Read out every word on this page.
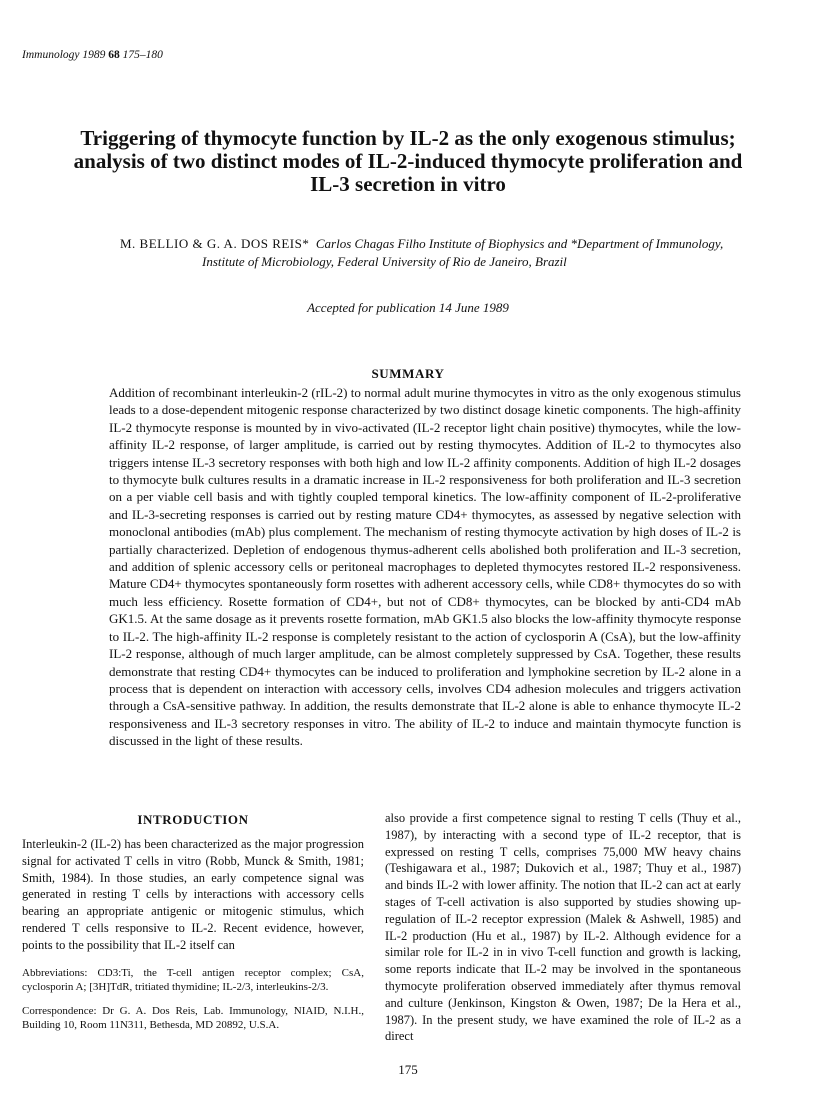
Immunology 1989 68 175–180
Triggering of thymocyte function by IL-2 as the only exogenous stimulus; analysis of two distinct modes of IL-2-induced thymocyte proliferation and IL-3 secretion in vitro
M. BELLIO & G. A. DOS REIS* Carlos Chagas Filho Institute of Biophysics and *Department of Immunology, Institute of Microbiology, Federal University of Rio de Janeiro, Brazil
Accepted for publication 14 June 1989
SUMMARY

Addition of recombinant interleukin-2 (rIL-2) to normal adult murine thymocytes in vitro as the only exogenous stimulus leads to a dose-dependent mitogenic response characterized by two distinct dosage kinetic components. The high-affinity IL-2 thymocyte response is mounted by in vivo-activated (IL-2 receptor light chain positive) thymocytes, while the low-affinity IL-2 response, of larger amplitude, is carried out by resting thymocytes. Addition of IL-2 to thymocytes also triggers intense IL-3 secretory responses with both high and low IL-2 affinity components. Addition of high IL-2 dosages to thymocyte bulk cultures results in a dramatic increase in IL-2 responsiveness for both proliferation and IL-3 secretion on a per viable cell basis and with tightly coupled temporal kinetics. The low-affinity component of IL-2-proliferative and IL-3-secreting responses is carried out by resting mature CD4+ thymocytes, as assessed by negative selection with monoclonal antibodies (mAb) plus complement. The mechanism of resting thymocyte activation by high doses of IL-2 is partially characterized. Depletion of endogenous thymus-adherent cells abolished both proliferation and IL-3 secretion, and addition of splenic accessory cells or peritoneal macrophages to depleted thymocytes restored IL-2 responsiveness. Mature CD4+ thymocytes spontaneously form rosettes with adherent accessory cells, while CD8+ thymocytes do so with much less efficiency. Rosette formation of CD4+, but not of CD8+ thymocytes, can be blocked by anti-CD4 mAb GK1.5. At the same dosage as it prevents rosette formation, mAb GK1.5 also blocks the low-affinity thymocyte response to IL-2. The high-affinity IL-2 response is completely resistant to the action of cyclosporin A (CsA), but the low-affinity IL-2 response, although of much larger amplitude, can be almost completely suppressed by CsA. Together, these results demonstrate that resting CD4+ thymocytes can be induced to proliferation and lymphokine secretion by IL-2 alone in a process that is dependent on interaction with accessory cells, involves CD4 adhesion molecules and triggers activation through a CsA-sensitive pathway. In addition, the results demonstrate that IL-2 alone is able to enhance thymocyte IL-2 responsiveness and IL-3 secretory responses in vitro. The ability of IL-2 to induce and maintain thymocyte function is discussed in the light of these results.

INTRODUCTION

Interleukin-2 (IL-2) has been characterized as the major progression signal for activated T cells in vitro (Robb, Munck & Smith, 1981; Smith, 1984). In those studies, an early competence signal was generated in resting T cells by interactions with accessory cells bearing an appropriate antigenic or mitogenic stimulus, which rendered T cells responsive to IL-2. Recent evidence, however, points to the possibility that IL-2 itself can

Abbreviations: CD3:Ti, the T-cell antigen receptor complex; CsA, cyclosporin A; [3H]TdR, tritiated thymidine; IL-2/3, interleukins-2/3.

Correspondence: Dr G. A. Dos Reis, Lab. Immunology, NIAID, N.I.H., Building 10, Room 11N311, Bethesda, MD 20892, U.S.A.

also provide a first competence signal to resting T cells (Thuy et al., 1987), by interacting with a second type of IL-2 receptor, that is expressed on resting T cells, comprises 75,000 MW heavy chains (Teshigawara et al., 1987; Dukovich et al., 1987; Thuy et al., 1987) and binds IL-2 with lower affinity. The notion that IL-2 can act at early stages of T-cell activation is also supported by studies showing up-regulation of IL-2 receptor expression (Malek & Ashwell, 1985) and IL-2 production (Hu et al., 1987) by IL-2. Although evidence for a similar role for IL-2 in in vivo T-cell function and growth is lacking, some reports indicate that IL-2 may be involved in the spontaneous thymocyte proliferation observed immediately after thymus removal and culture (Jenkinson, Kingston & Owen, 1987; De la Hera et al., 1987). In the present study, we have examined the role of IL-2 as a direct

175
